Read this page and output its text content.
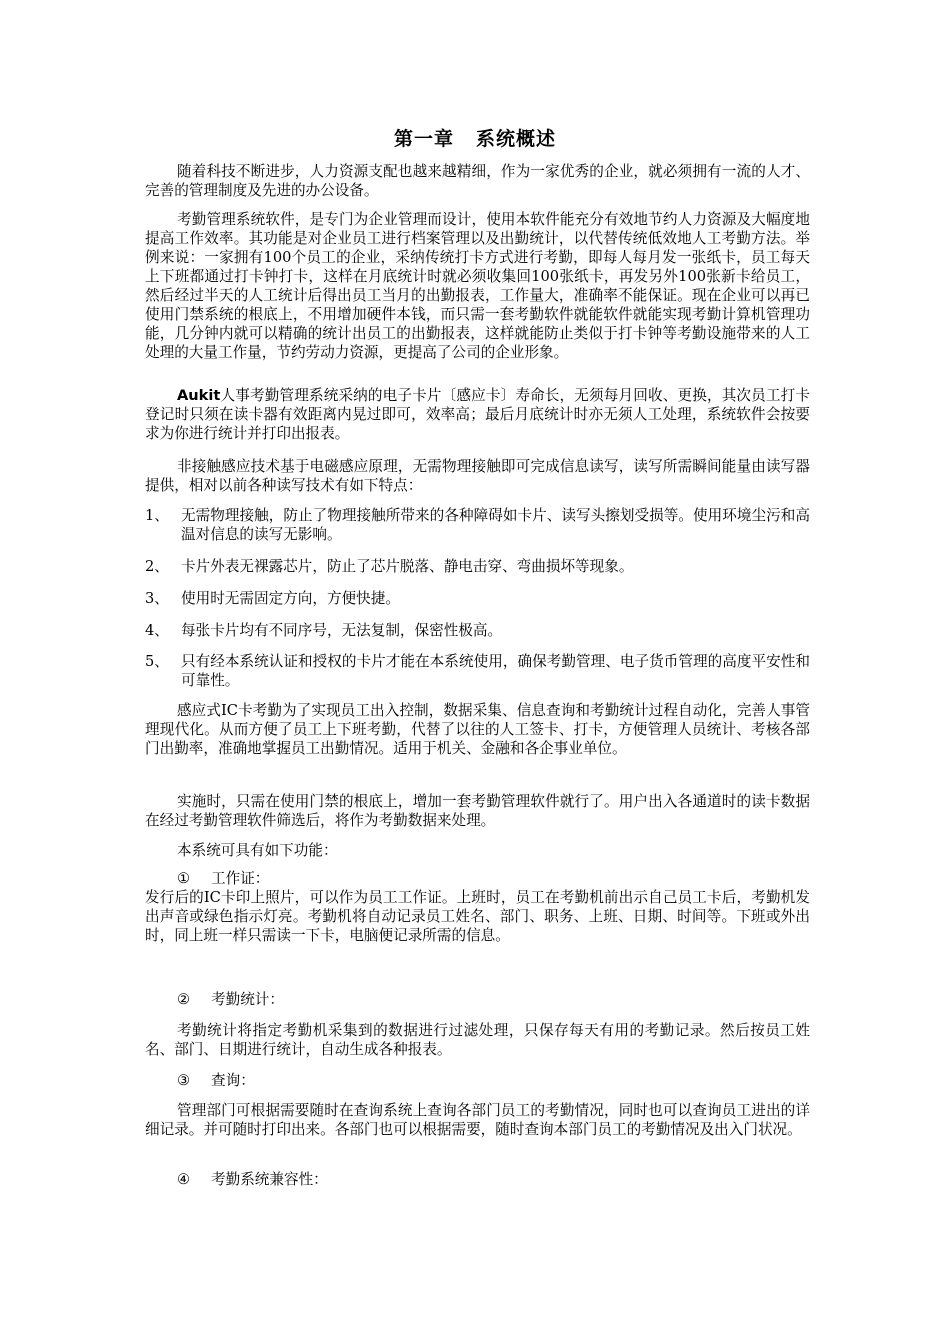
第一章 系统概述

随着科技不断进步，人力资源支配也越来越精细，作为一家优秀的企业，就必须拥有一流的人才、完善的管理制度及先进的办公设备。

考勤管理系统软件，是专门为企业管理而设计，使用本软件能充分有效地节约人力资源及大幅度地提高工作效率。其功能是对企业员工进行档案管理以及出勤统计，以代替传统低效地人工考勤方法。举例来说：一家拥有100个员工的企业，采纳传统打卡方式进行考勤，即每人每月发一张纸卡，员工每天上下班都通过打卡钟打卡，这样在月底统计时就必须收集回100张纸卡，再发另外100张新卡给员工，然后经过半天的人工统计后得出员工当月的出勤报表，工作量大，准确率不能保证。现在企业可以再已使用门禁系统的根底上，不用增加硬件本钱，而只需一套考勤软件就能软件就能实现考勤计算机管理功能，几分钟内就可以精确的统计出员工的出勤报表，这样就能防止类似于打卡钟等考勤设施带来的人工处理的大量工作量，节约劳动力资源，更提高了公司的企业形象。

Aukit人事考勤管理系统采纳的电子卡片〔感应卡〕寿命长，无须每月回收、更换，其次员工打卡登记时只须在读卡器有效距离内晃过即可，效率高；最后月底统计时亦无须人工处理，系统软件会按要求为你进行统计并打印出报表。

非接触感应技术基于电磁感应原理，无需物理接触即可完成信息读写，读写所需瞬间能量由读写器提供，相对以前各种读写技术有如下特点：

1、 无需物理接触，防止了物理接触所带来的各种障碍如卡片、读写头擦划受损等。使用环境尘污和高温对信息的读写无影响。
2、 卡片外表无裸露芯片，防止了芯片脱落、静电击穿、弯曲损坏等现象。
3、 使用时无需固定方向，方便快捷。
4、 每张卡片均有不同序号，无法复制，保密性极高。
5、 只有经本系统认证和授权的卡片才能在本系统使用，确保考勤管理、电子货币管理的高度平安性和可靠性。

感应式IC卡考勤为了实现员工出入控制，数据采集、信息查询和考勤统计过程自动化，完善人事管理现代化。从而方便了员工上下班考勤，代替了以往的人工签卡、打卡，方便管理人员统计、考核各部门出勤率，准确地掌握员工出勤情况。适用于机关、金融和各企事业单位。

实施时，只需在使用门禁的根底上，增加一套考勤管理软件就行了。用户出入各通道时的读卡数据在经过考勤管理软件筛选后，将作为考勤数据来处理。

本系统可具有如下功能：

① 工作证：

发行后的IC卡印上照片，可以作为员工工作证。上班时，员工在考勤机前出示自己员工卡后，考勤机发出声音或绿色指示灯亮。考勤机将自动记录员工姓名、部门、职务、上班、日期、时间等。下班或外出时，同上班一样只需读一下卡，电脑便记录所需的信息。

② 考勤统计：

考勤统计将指定考勤机采集到的数据进行过滤处理，只保存每天有用的考勤记录。然后按员工姓名、部门、日期进行统计，自动生成各种报表。

③ 查询：

管理部门可根据需要随时在查询系统上查询各部门员工的考勤情况，同时也可以查询员工进出的详细记录。并可随时打印出来。各部门也可以根据需要，随时查询本部门员工的考勤情况及出入门状况。

④ 考勤系统兼容性：
